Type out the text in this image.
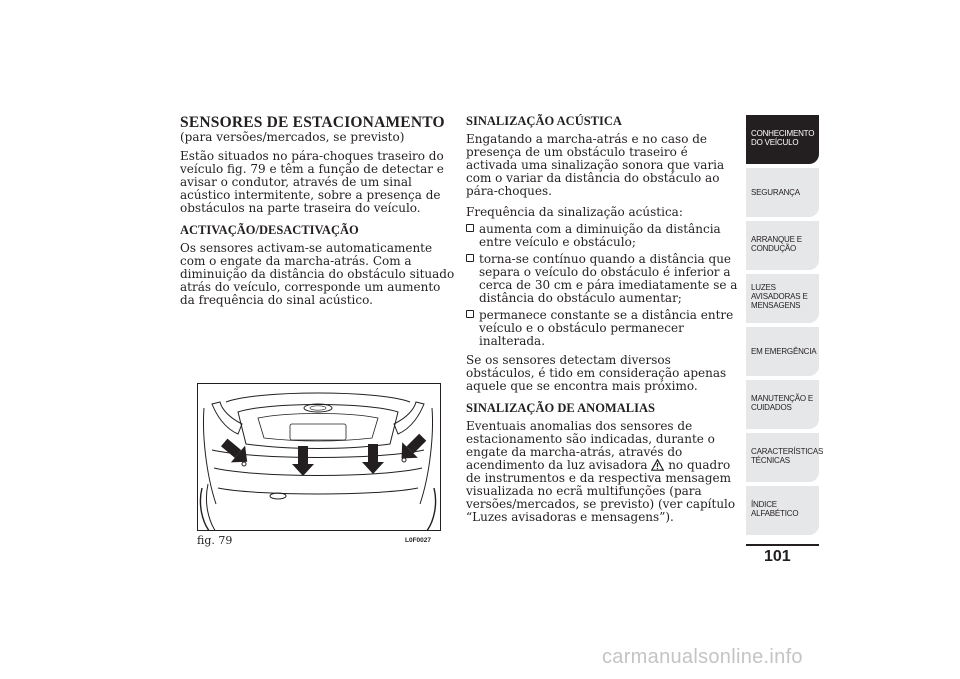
SENSORES DE ESTACIONAMENTO
(para versões/mercados, se previsto)

Estão situados no pára-choques traseiro do veículo fig. 79 e têm a função de detectar e avisar o condutor, através de um sinal acústico intermitente, sobre a presença de obstáculos na parte traseira do veículo.

ACTIVAÇÃO/DESACTIVAÇÃO

Os sensores activam-se automaticamente com o engate da marcha-atrás. Com a diminuição da distância do obstáculo situado atrás do veículo, corresponde um aumento da frequência do sinal acústico.

fig. 79	L0F0027
SINALIZAÇÃO ACÚSTICA

Engatando a marcha-atrás e no caso de presença de um obstáculo traseiro é activada uma sinalização sonora que varia com o variar da distância do obstáculo ao pára-choques.

Frequência da sinalização acústica:

aumenta com a diminuição da distância entre veículo e obstáculo;
torna-se contínuo quando a distância que separa o veículo do obstáculo é inferior a cerca de 30 cm e pára imediatamente se a distância do obstáculo aumentar;
permanece constante se a distância entre veículo e o obstáculo permanecer inalterada.

Se os sensores detectam diversos obstáculos, é tido em consideração apenas aquele que se encontra mais próximo.

SINALIZAÇÃO DE ANOMALIAS

Eventuais anomalias dos sensores de estacionamento são indicadas, durante o engate da marcha-atrás, através do acendimento da luz avisadora no quadro de instrumentos e da respectiva mensagem visualizada no ecrã multifunções (para versões/mercados, se previsto) (ver capítulo “Luzes avisadoras e mensagens”).

CONHECIMENTO
DO VEÍCULO
SEGURANÇA
ARRANQUE E
CONDUÇÃO
LUZES
AVISADORAS E
MENSAGENS
EM EMERGÊNCIA
MANUTENÇÃO E
CUIDADOS
CARACTERÍSTICAS
TÉCNICAS
ÍNDICE
ALFABÉTICO
101
carmanualsonline.info
